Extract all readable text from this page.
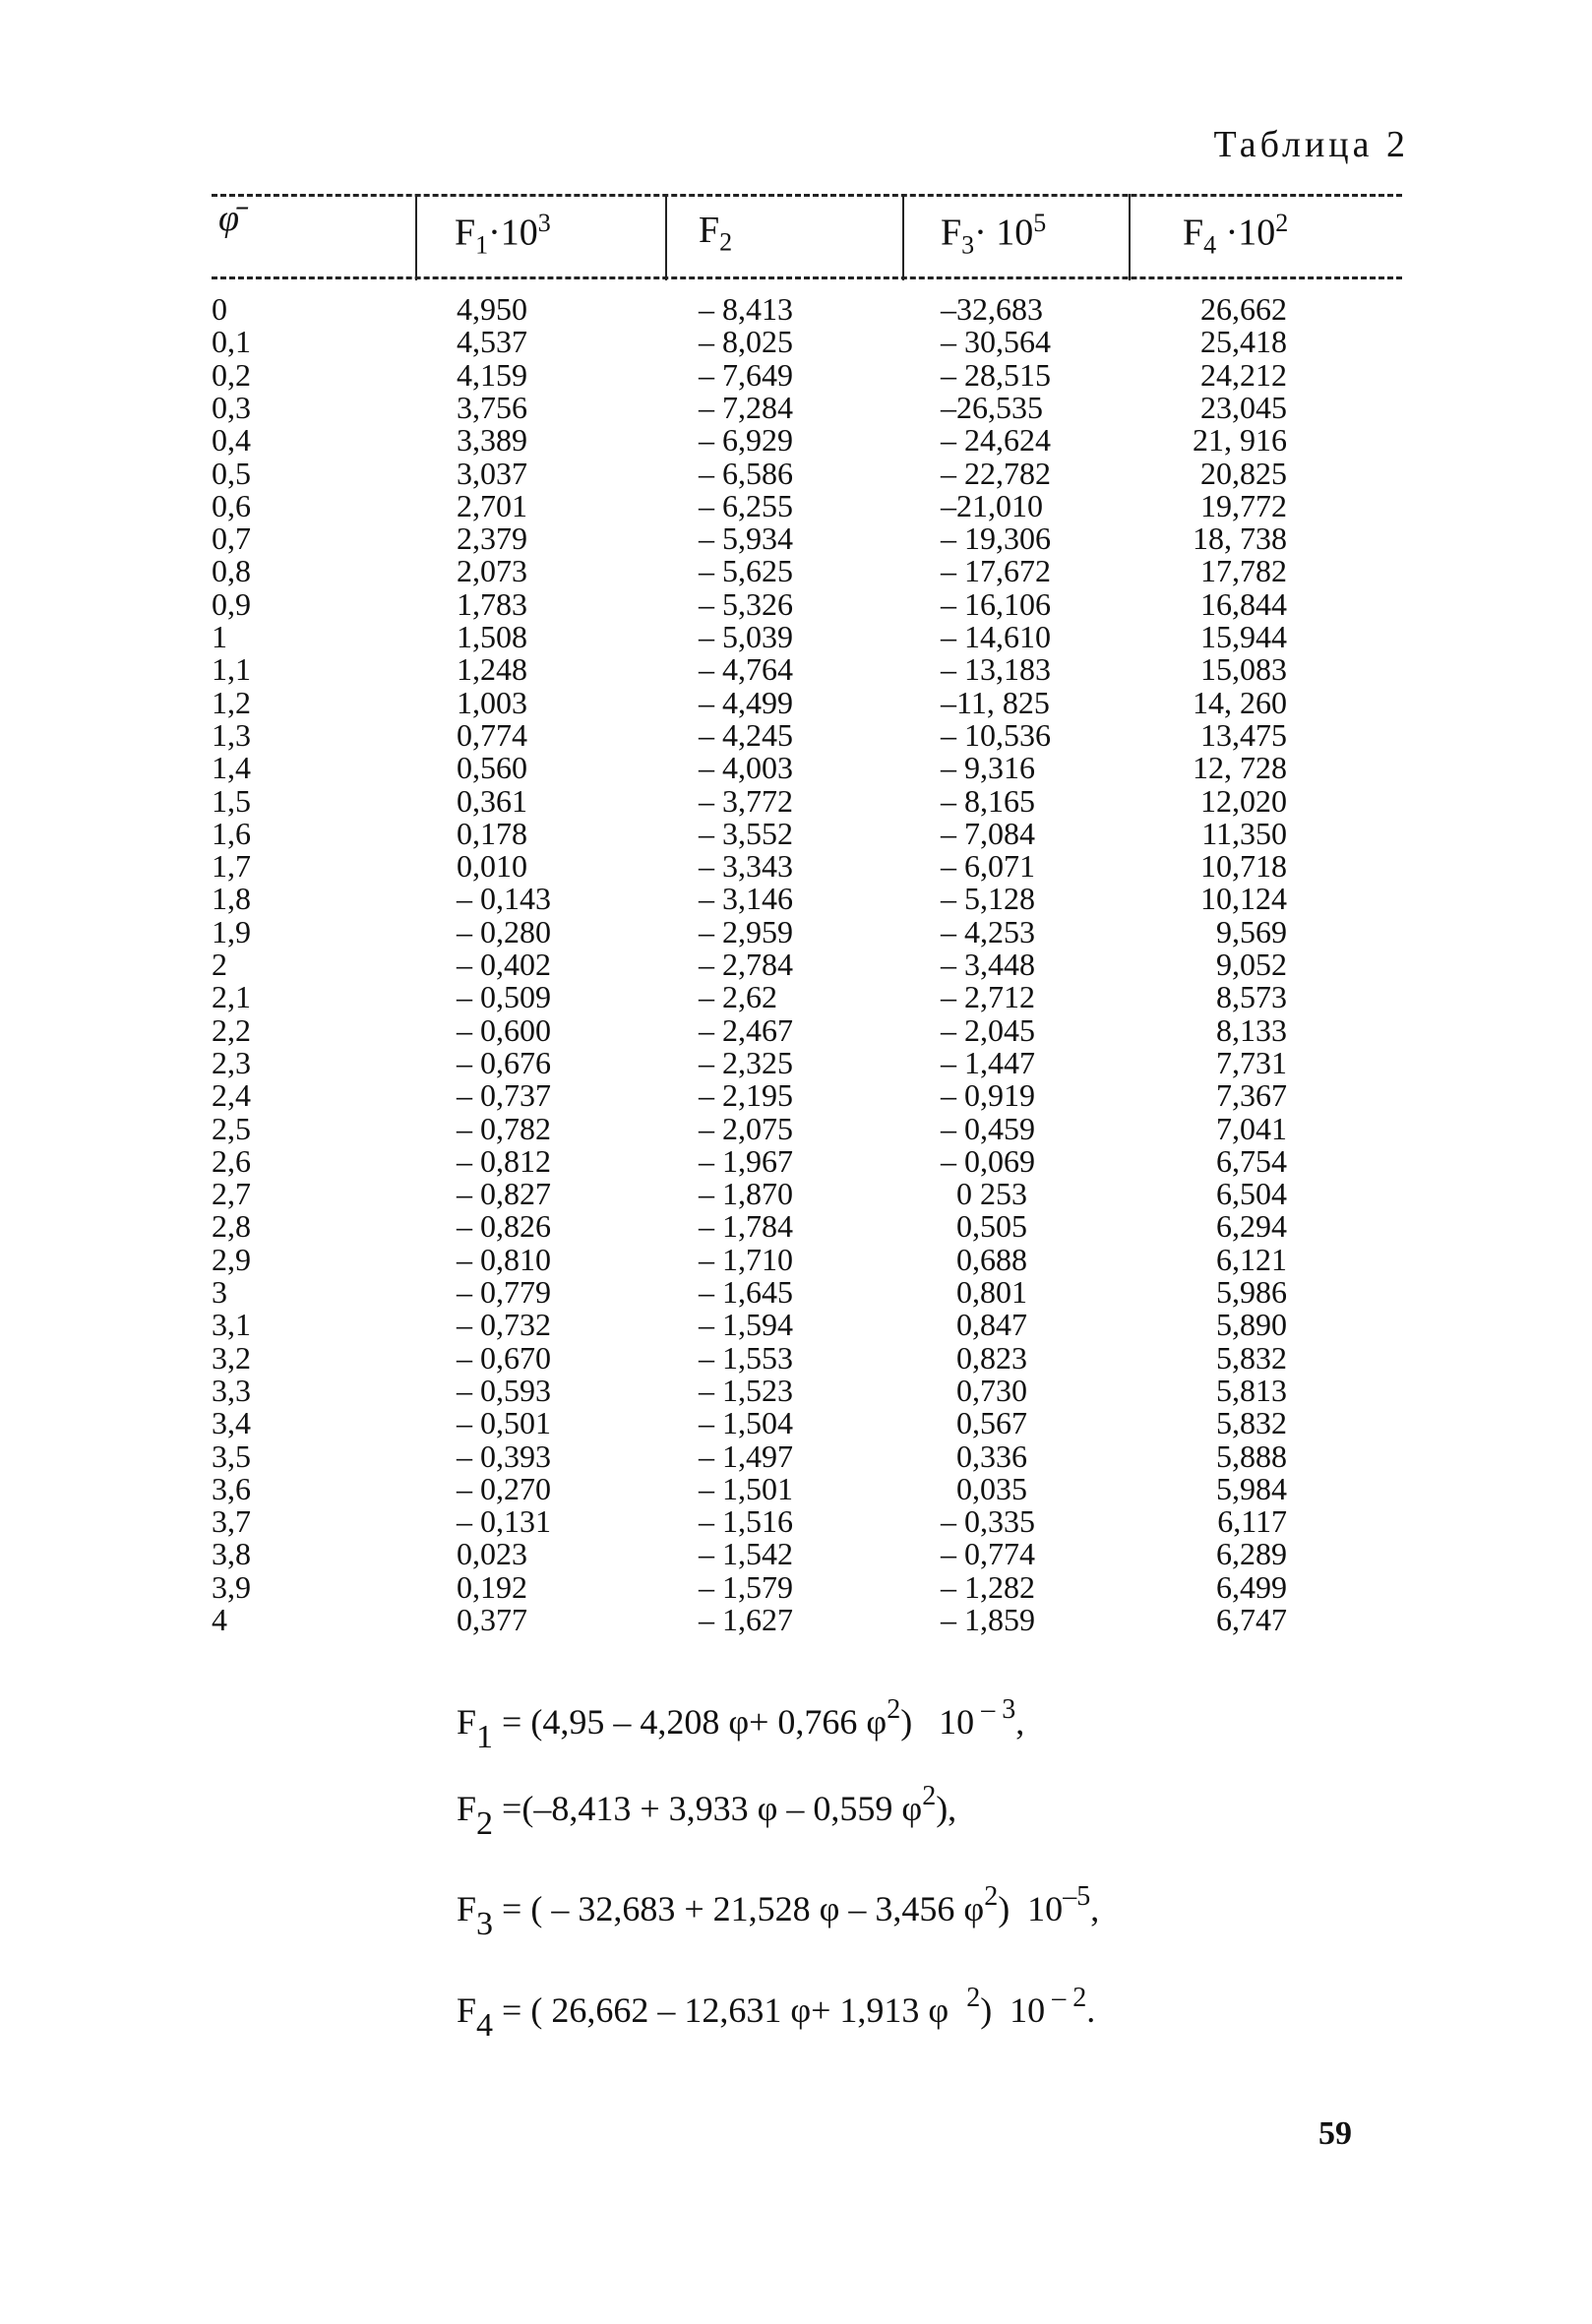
Таблица 2
φ̄	$F_1\cdot 10^3$	$F_2$	$F_3\cdot 10^5$	$F_4 \cdot 10^2$
0	4,950	– 8,413	–32,683	26,662
0,1	4,537	– 8,025	– 30,564	25,418
0,2	4,159	– 7,649	– 28,515	24,212
0,3	3,756	– 7,284	–26,535	23,045
0,4	3,389	– 6,929	– 24,624	21, 916
0,5	3,037	– 6,586	– 22,782	20,825
0,6	2,701	– 6,255	–21,010	19,772
0,7	2,379	– 5,934	– 19,306	18, 738
0,8	2,073	– 5,625	– 17,672	17,782
0,9	1,783	– 5,326	– 16,106	16,844
1	1,508	– 5,039	– 14,610	15,944
1,1	1,248	– 4,764	– 13,183	15,083
1,2	1,003	– 4,499	–11, 825	14, 260
1,3	0,774	– 4,245	– 10,536	13,475
1,4	0,560	– 4,003	– 9,316	12, 728
1,5	0,361	– 3,772	– 8,165	12,020
1,6	0,178	– 3,552	– 7,084	11,350
1,7	0,010	– 3,343	– 6,071	10,718
1,8	– 0,143	– 3,146	– 5,128	10,124
1,9	– 0,280	– 2,959	– 4,253	9,569
2	– 0,402	– 2,784	– 3,448	9,052
2,1	– 0,509	– 2,62	– 2,712	8,573
2,2	– 0,600	– 2,467	– 2,045	8,133
2,3	– 0,676	– 2,325	– 1,447	7,731
2,4	– 0,737	– 2,195	– 0,919	7,367
2,5	– 0,782	– 2,075	– 0,459	7,041
2,6	– 0,812	– 1,967	– 0,069	6,754
2,7	– 0,827	– 1,870	0 253	6,504
2,8	– 0,826	– 1,784	0,505	6,294
2,9	– 0,810	– 1,710	0,688	6,121
3	– 0,779	– 1,645	0,801	5,986
3,1	– 0,732	– 1,594	0,847	5,890
3,2	– 0,670	– 1,553	0,823	5,832
3,3	– 0,593	– 1,523	0,730	5,813
3,4	– 0,501	– 1,504	0,567	5,832
3,5	– 0,393	– 1,497	0,336	5,888
3,6	– 0,270	– 1,501	0,035	5,984
3,7	– 0,131	– 1,516	– 0,335	6,117
3,8	0,023	– 1,542	– 0,774	6,289
3,9	0,192	– 1,579	– 1,282	6,499
4	0,377	– 1,627	– 1,859	6,747
F1 = (4,95 – 4,208 φ+ 0,766 $\varphi^2$)   10 $^{- 3}$,
F2 =(–8,413 + 3,933 φ – 0,559 $\varphi^2$),
F3 = ( – 32,683 + 21,528 φ – 3,456 $\varphi^2$)  $10^{-5}$,
F4 = ( 26,662 – 12,631 φ+ 1,913 φ  $^2$)  10 $^{- 2}$.
59
